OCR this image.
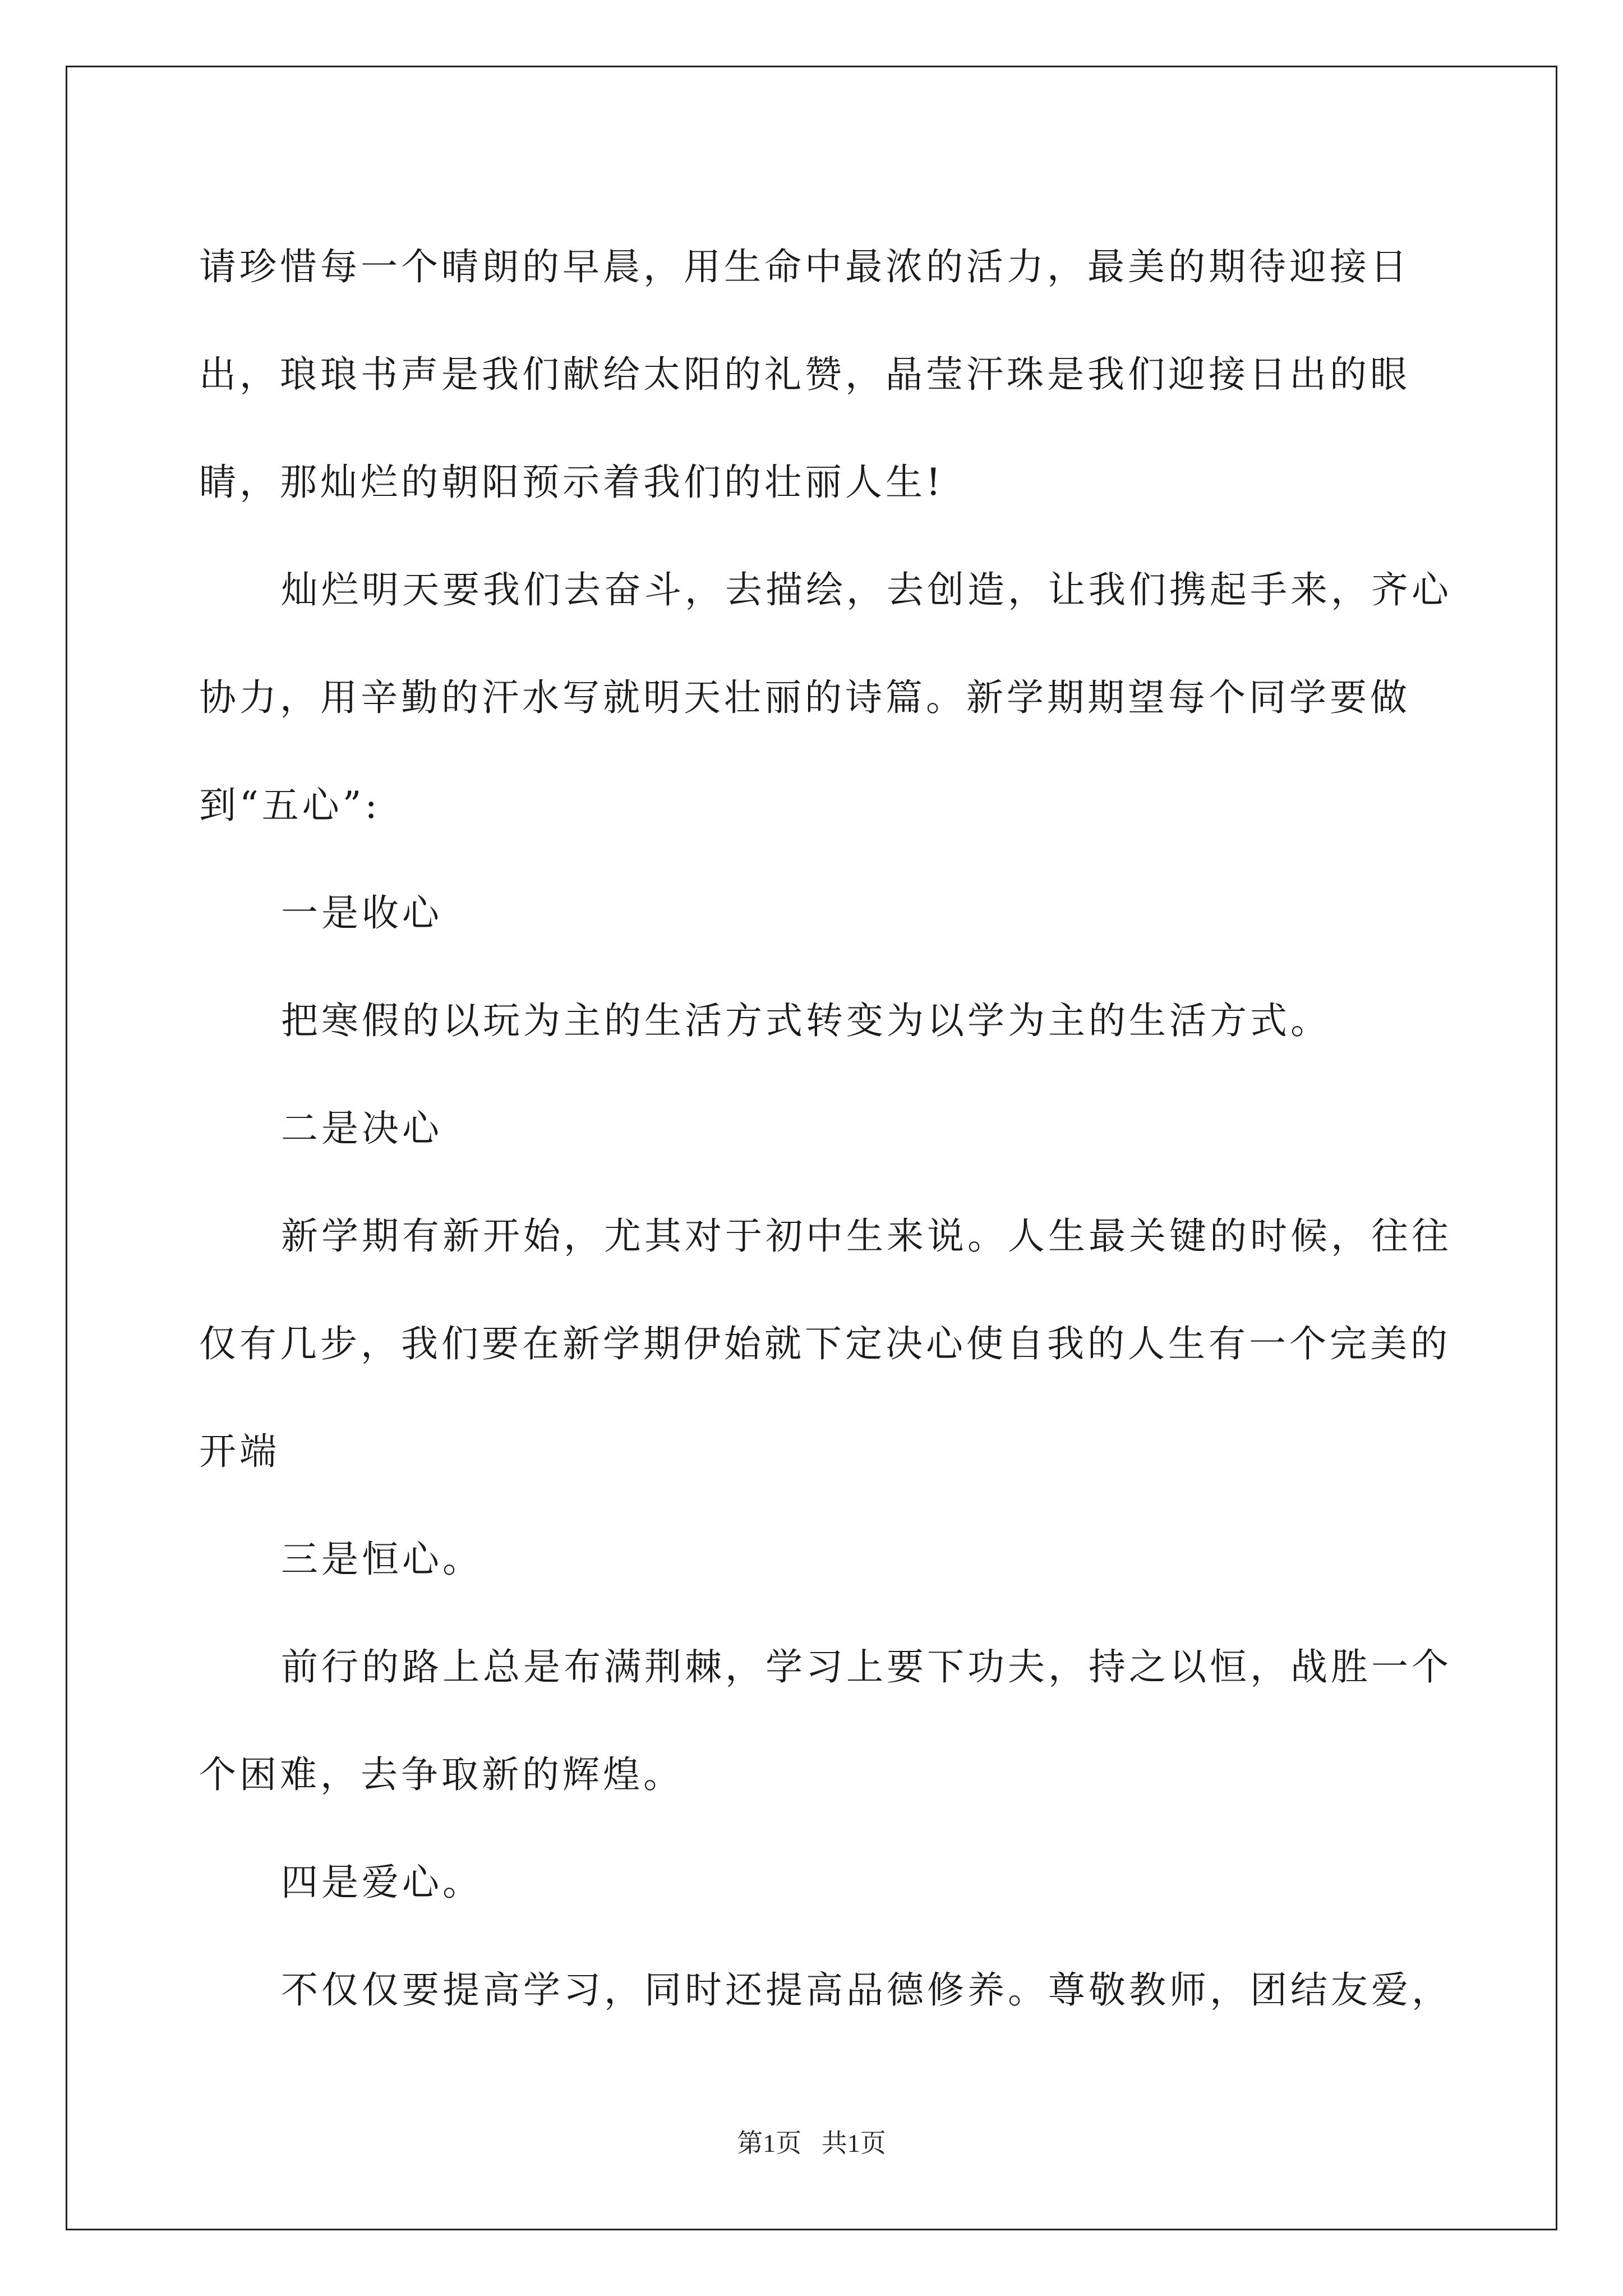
请珍惜每一个晴朗的早晨，用生命中最浓的活力，最美的期待迎接日出，琅琅书声是我们献给太阳的礼赞，晶莹汗珠是我们迎接日出的眼睛，那灿烂的朝阳预示着我们的壮丽人生!

灿烂明天要我们去奋斗，去描绘，去创造，让我们携起手来，齐心协力，用辛勤的汗水写就明天壮丽的诗篇。新学期期望每个同学要做到“五心”:

一是收心

把寒假的以玩为主的生活方式转变为以学为主的生活方式。

二是决心

新学期有新开始，尤其对于初中生来说。人生最关键的时候，往往仅有几步，我们要在新学期伊始就下定决心使自我的人生有一个完美的开端

三是恒心。

前行的路上总是布满荆棘，学习上要下功夫，持之以恒，战胜一个个困难，去争取新的辉煌。

四是爱心。

不仅仅要提高学习，同时还提高品德修养。尊敬教师，团结友爱，

第1页 共1页
